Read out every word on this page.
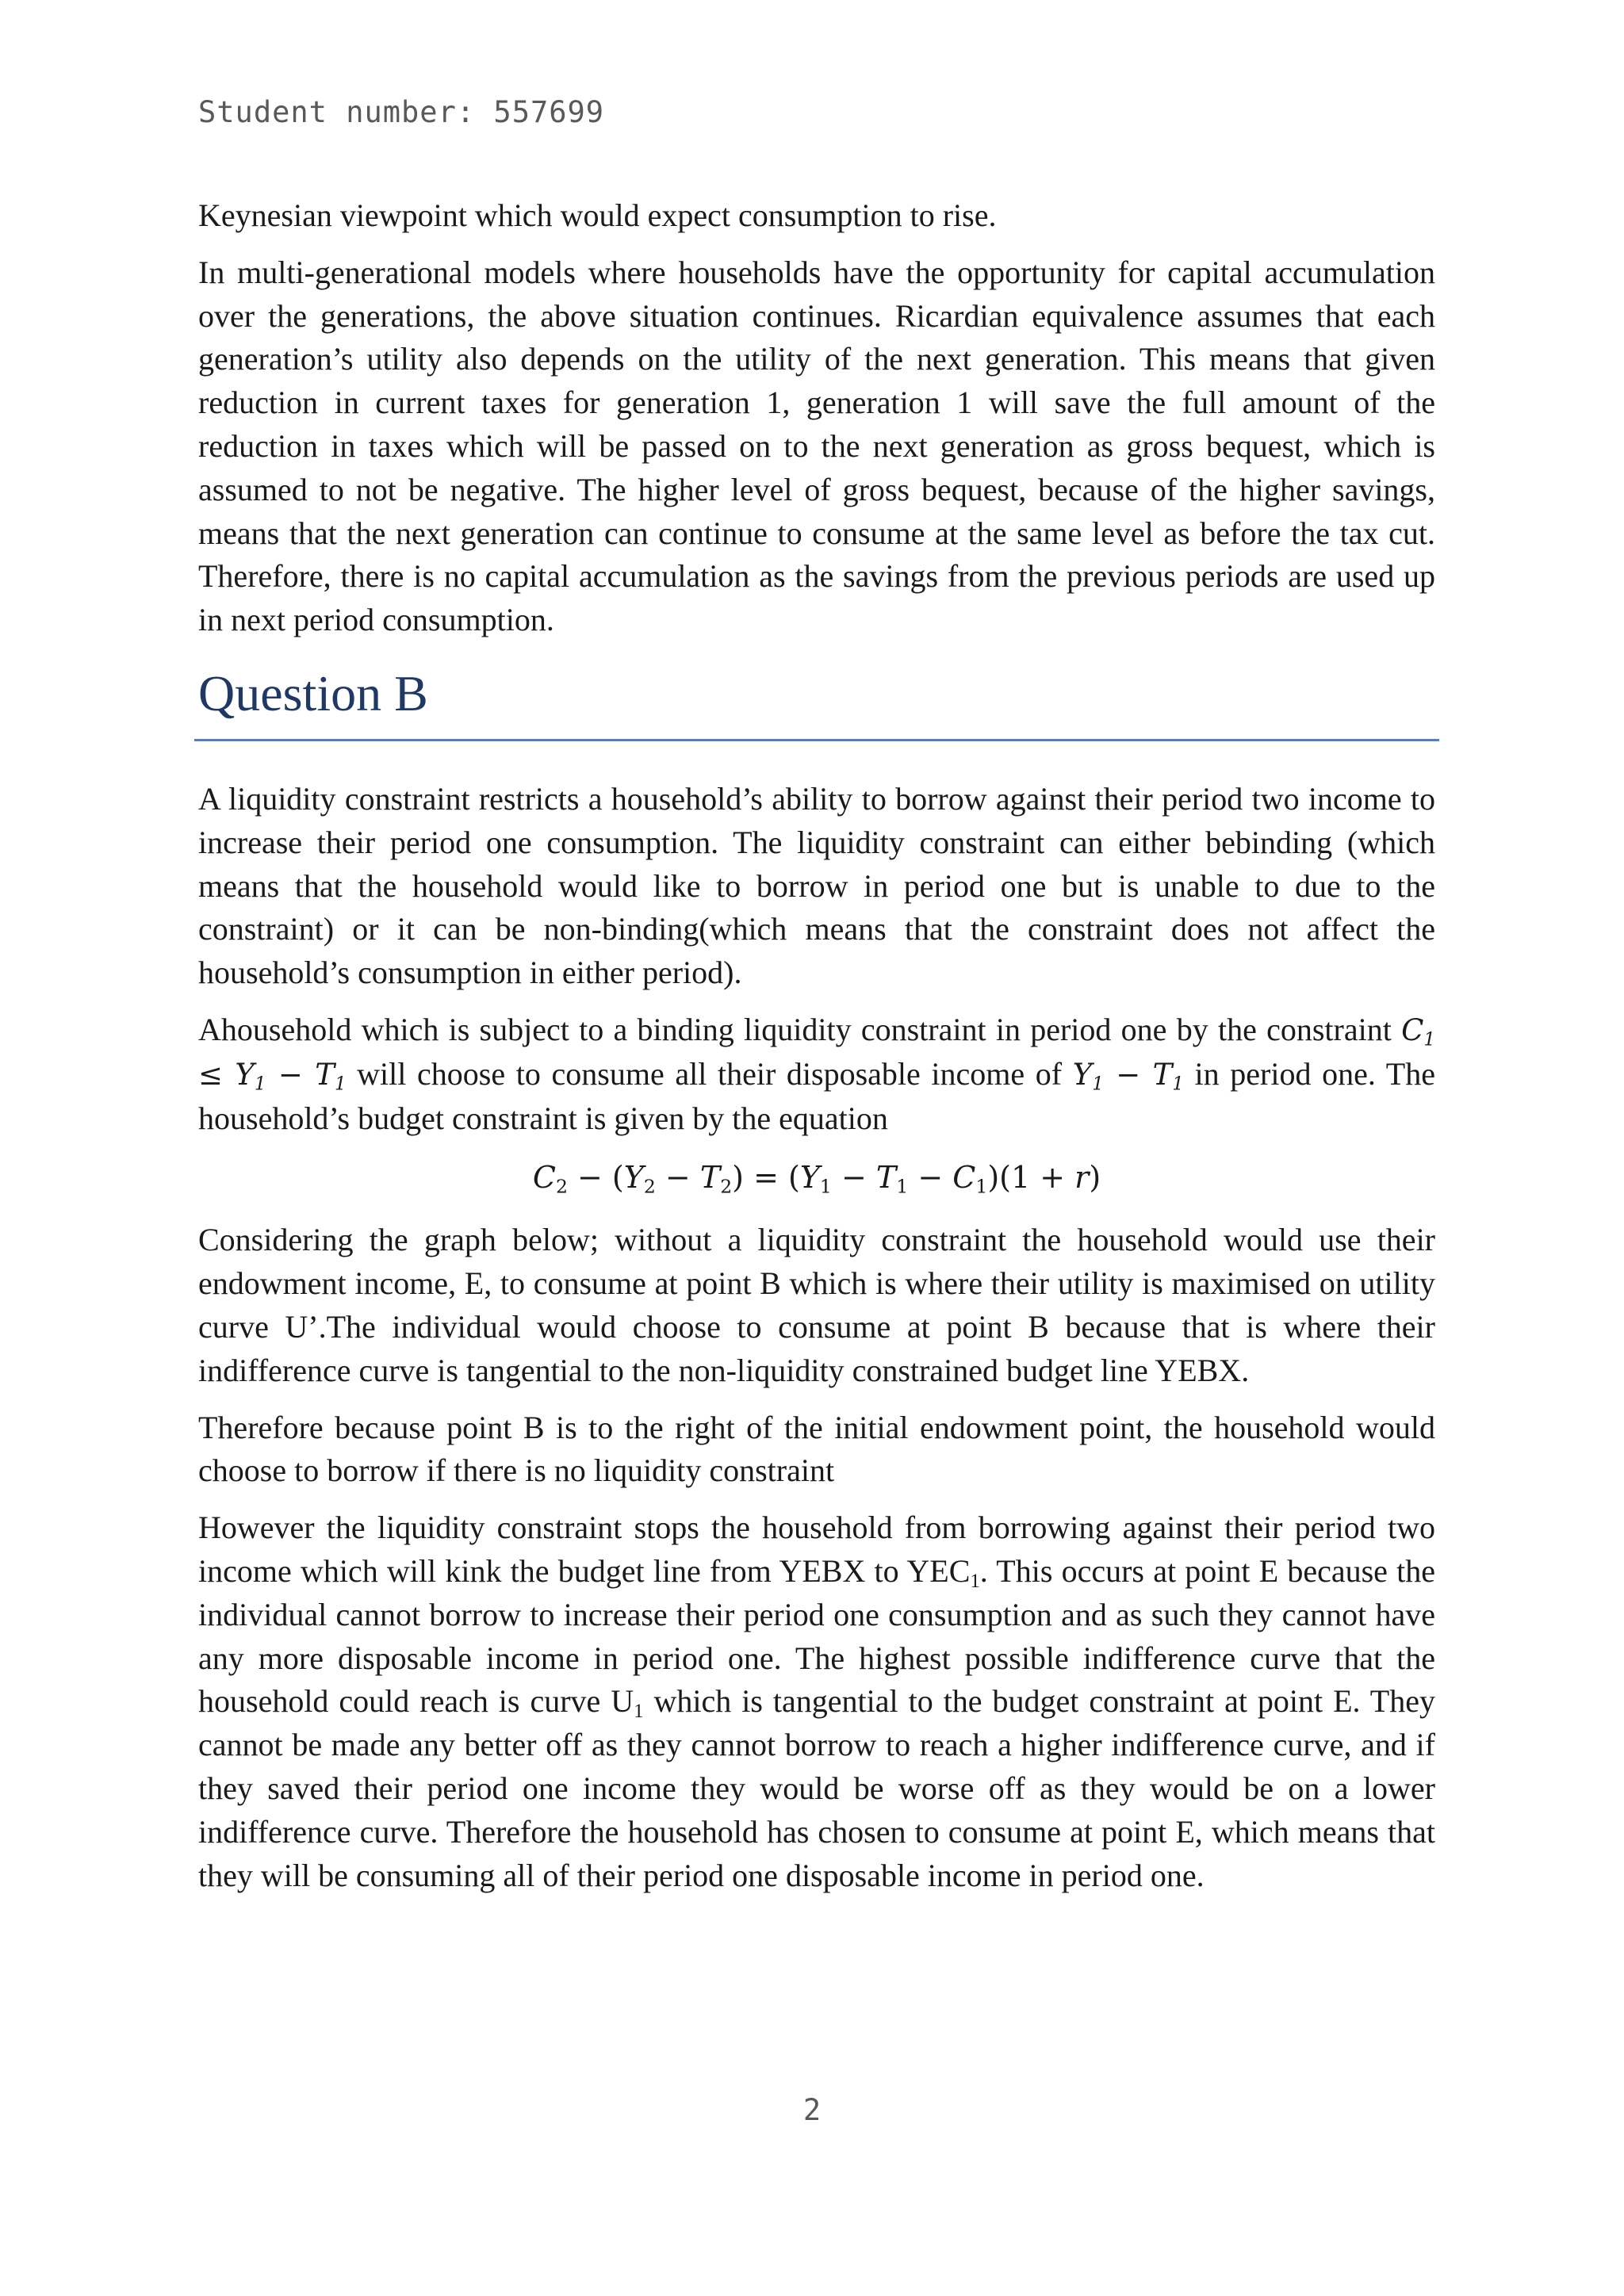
Student number: 557699

Keynesian viewpoint which would expect consumption to rise.

In multi-generational models where households have the opportunity for capital accumulation over the generations, the above situation continues. Ricardian equivalence assumes that each generation’s utility also depends on the utility of the next generation. This means that given reduction in current taxes for generation 1, generation 1 will save the full amount of the reduction in taxes which will be passed on to the next generation as gross bequest, which is assumed to not be negative. The higher level of gross bequest, because of the higher savings, means that the next generation can continue to consume at the same level as before the tax cut. Therefore, there is no capital accumulation as the savings from the previous periods are used up in next period consumption.

Question B

A liquidity constraint restricts a household’s ability to borrow against their period two income to increase their period one consumption. The liquidity constraint can either bebinding (which means that the household would like to borrow in period one but is unable to due to the constraint) or it can be non-binding(which means that the constraint does not affect the household’s consumption in either period).

Ahousehold which is subject to a binding liquidity constraint in period one by the constraint $C_1 \le Y_1 - T_1$ will choose to consume all their disposable income of $Y_1 - T_1$ in period one. The household’s budget constraint is given by the equation

$C_2 - (Y_2 - T_2) = (Y_1 - T_1 - C_1)(1 + r)$

Considering the graph below; without a liquidity constraint the household would use their endowment income, E, to consume at point B which is where their utility is maximised on utility curve U’.The individual would choose to consume at point B because that is where their indifference curve is tangential to the non-liquidity constrained budget line YEBX.

Therefore because point B is to the right of the initial endowment point, the household would choose to borrow if there is no liquidity constraint

However the liquidity constraint stops the household from borrowing against their period two income which will kink the budget line from YEBX to $YEC_1$. This occurs at point E because the individual cannot borrow to increase their period one consumption and as such they cannot have any more disposable income in period one. The highest possible indifference curve that the household could reach is curve $U_1$ which is tangential to the budget constraint at point E. They cannot be made any better off as they cannot borrow to reach a higher indifference curve, and if they saved their period one income they would be worse off as they would be on a lower indifference curve. Therefore the household has chosen to consume at point E, which means that they will be consuming all of their period one disposable income in period one.

2
